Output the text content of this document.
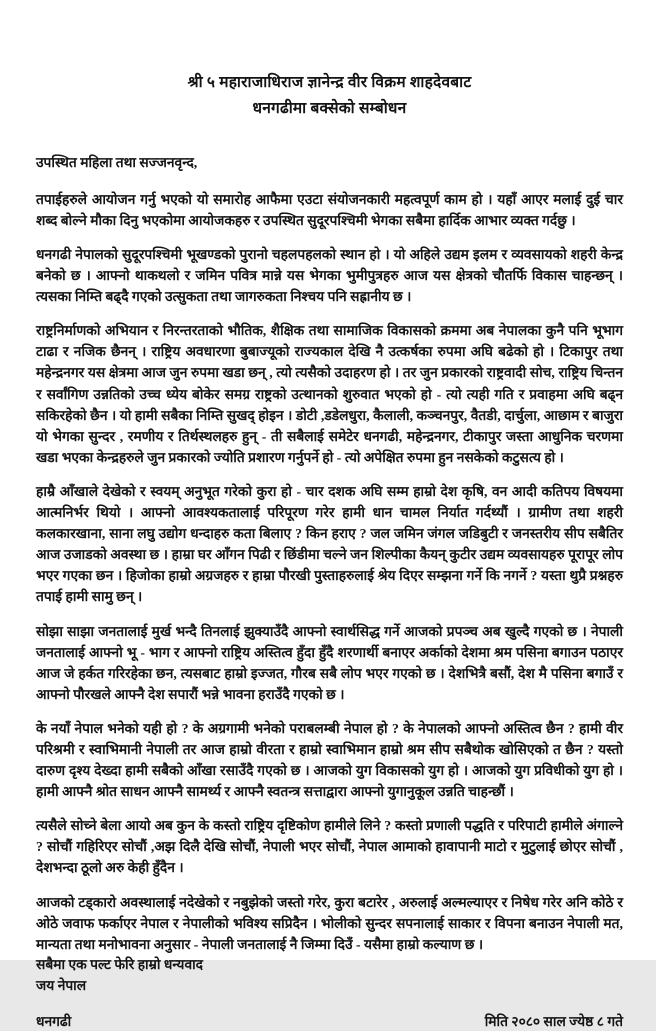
श्री ५ महाराजाधिराज ज्ञानेन्द्र वीर विक्रम शाहदेवबाट
धनगढीमा बक्सेको सम्बोधन
उपस्थित महिला तथा सज्जनवृन्द,

तपाईहरुले आयोजन गर्नु भएको यो समारोह आफैमा एउटा संयोजनकारी महत्वपूर्ण काम हो । यहाँ आएर मलाई दुई चार शब्द बोल्ने मौका दिनु भएकोमा आयोजकहरु र उपस्थित सुदूरपश्चिमी भेगका सबैमा हार्दिक आभार व्यक्त गर्दछु ।

धनगढी नेपालको सुदूरपश्चिमी भूखण्डको पुरानो चहलपहलको स्थान हो । यो अहिले उद्यम इलम र व्यवसायको शहरी केन्द्र बनेको छ । आफ्नो थाकथलो र जमिन पवित्र मान्ने यस भेगका भुमीपुत्रहरु आज यस क्षेत्रको चौतर्फि विकास चाहन्छन् । त्यसका निम्ति बढ्दै गएको उत्सुकता तथा जागरुकता निश्चय पनि सह्रानीय छ ।

राष्ट्रनिर्माणको अभियान र निरन्तरताको भौतिक, शैक्षिक तथा सामाजिक विकासको क्रममा अब नेपालका कुनै पनि भूभाग टाढा र नजिक छैनन् । राष्ट्रिय अवधारणा बुबाज्यूको राज्यकाल देखि नै उत्कर्षका रुपमा अघि बढेको हो । टिकापुर तथा महेन्द्रनगर यस क्षेत्रमा आज जुन रुपमा खडा छन् , त्यो त्यसैको उदाहरण हो । तर जुन प्रकारको राष्ट्रवादी सोच, राष्ट्रिय चिन्तन र सर्वांगिण उन्नतिको उच्च ध्येय बोकेर समग्र राष्ट्रको उत्थानको शुरुवात भएको हो - त्यो त्यही गति र प्रवाहमा अघि बढ्न सकिरहेको छैन । यो हामी सबैका निम्ति सुखद् होइन । डोटी ,डडेलधुरा, कैलाली, कञ्चनपुर, वैतडी, दार्चुला, आछाम र बाजुरा यो भेगका सुन्दर , रमणीय र तिर्थस्थलहरु हुन् - ती सबैलाई समेटेर धनगढी, महेन्द्रनगर, टीकापुर जस्ता आधुनिक चरणमा खडा भएका केन्द्रहरुले जुन प्रकारको ज्योति प्रशारण गर्नुपर्ने हो - त्यो अपेक्षित रुपमा हुन नसकेको कटुसत्य हो ।

हाम्रै आँखाले देखेको र स्वयम् अनुभूत गरेको कुरा हो - चार दशक अघि सम्म हाम्रो देश कृषि, वन आदी कतिपय विषयमा आत्मनिर्भर थियो । आफ्नो आवश्यकतालाई परिपूरण गरेर हामी धान चामल निर्यात गर्दथ्यौं । ग्रामीण तथा शहरी कलकारखाना, साना लघु उद्योग धन्दाहरु कता बिलाए ? किन हराए ? जल जमिन जंगल जडिबुटी र जनस्तरीय सीप सबैतिर आज उजाडको अवस्था छ । हाम्रा घर आँगन पिढी र छिंडीमा चल्ने जन शिल्पीका कैयन् कुटीर उद्यम व्यवसायहरु पूरापूर लोप भएर गएका छन । हिजोका हाम्रो अग्रजहरु र हाम्रा पौरखी पुस्ताहरुलाई श्रेय दिएर सम्झना गर्ने कि नगर्ने ? यस्ता थुप्रै प्रश्नहरु तपाई हामी सामु छन् ।

सोझा साझा जनतालाई मुर्ख भन्दै तिनलाई झुक्याउँदै आफ्नो स्वार्थसिद्ध गर्ने आजको प्रपञ्च अब खुल्दै गएको छ । नेपाली जनतालाई आफ्नो भू - भाग र आफ्नो राष्ट्रिय अस्तित्व हुँदा हुँदै शरणार्थी बनाएर अर्काको देशमा श्रम पसिना बगाउन पठाएर आज जे हर्कत गरिरहेका छन, त्यसबाट हाम्रो इज्जत, गौरब सबै लोप भएर गएको छ । देशभित्रै बसौं, देश मै पसिना बगाउँ र आफ्नो पौरखले आफ्नै देश सपारौं भन्ने भावना हराउँदै गएको छ ।

के नयाँ नेपाल भनेको यही हो ? के अग्रगामी भनेको पराबलम्बी नेपाल हो ? के नेपालको आफ्नो अस्तित्व छैन ? हामी वीर परिश्रमी र स्वाभिमानी नेपाली तर आज हाम्रो वीरता र हाम्रो स्वाभिमान हाम्रो श्रम सीप सबैथोक खोसिएको त छैन ? यस्तो दारुण दृश्य देख्दा हामी सबैको आँखा रसाउँदै गएको छ । आजको युग विकासको युग हो । आजको युग प्रविधीको युग हो । हामी आफ्नै श्रोत साधन आफ्नै सामर्थ्य र आफ्नै स्वतन्त्र सत्ताद्वारा आफ्नो युगानुकूल उन्नति चाहन्छौं ।

त्यसैले सोच्ने बेला आयो अब कुन के कस्तो राष्ट्रिय दृष्टिकोण हामीले लिने ? कस्तो प्रणाली पद्धति र परिपाटी हामीले अंगाल्ने ? सोचौं गहिरिएर सोचौं ,अझ दिलै देखि सोचौं, नेपाली भएर सोचौं, नेपाल आमाको हावापानी माटो र मुटुलाई छोएर सोचौं , देशभन्दा ठूलो अरु केही हुँदैन ।

आजको टड्कारो अवस्थालाई नदेखेको र नबुझेको जस्तो गरेर, कुरा बटारेर , अरुलाई अल्मल्याएर र निषेध गरेर अनि कोठे र ओठे जवाफ फर्काएर नेपाल र नेपालीको भविश्य सप्रिदैन । भोलीको सुन्दर सपनालाई साकार र विपना बनाउन नेपाली मत, मान्यता तथा मनोभावना अनुसार - नेपाली जनतालाई नै जिम्मा दिउँ - यसैमा हाम्रो कल्याण छ ।

सबैमा एक पल्ट फेरि हाम्रो धन्यवाद
जय नेपाल
धनगढी	मिति २०८० साल ज्येष्ठ ८ गते
